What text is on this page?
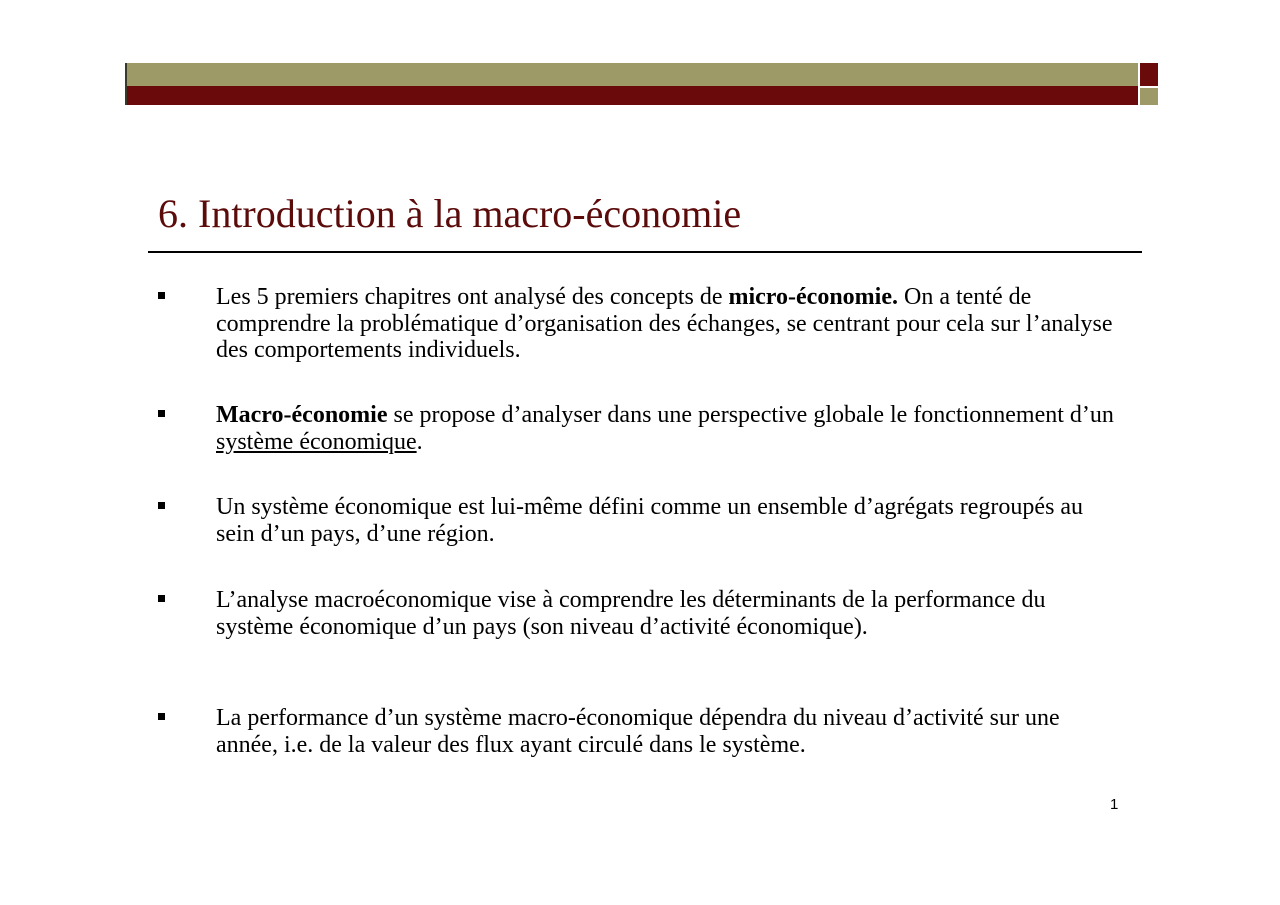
6. Introduction à la macro-économie
Les 5 premiers chapitres ont analysé des concepts de micro-économie. On a tenté de comprendre la problématique d’organisation des échanges, se centrant pour cela sur l’analyse des comportements individuels.
Macro-économie se propose d’analyser dans une perspective globale le fonctionnement d’un système économique.
Un système économique est lui-même défini comme un ensemble d’agrégats regroupés au sein d’un pays, d’une région.
L’analyse macroéconomique vise à comprendre les déterminants de la performance du système économique d’un pays (son niveau d’activité économique).
La performance d’un système macro-économique dépendra du niveau d’activité sur une année, i.e. de la valeur des flux ayant circulé dans le système.
1
